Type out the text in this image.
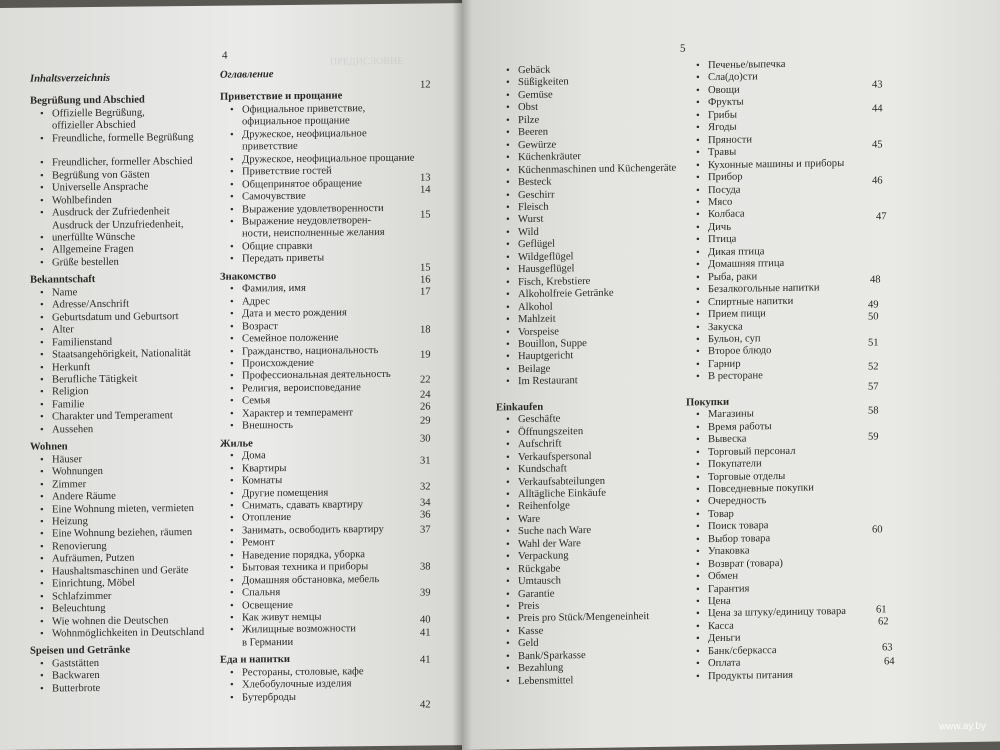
ПРЕДИСЛОВИЕ
4
Inhaltsverzeichnis
Begrüßung und Abschied
• Offizielle Begrüßung,
offizieller Abschied
• Freundliche, formelle Begrüßung
• Freundlicher, formeller Abschied
• Begrüßung von Gästen
• Universelle Ansprache
• Wohlbefinden
• Ausdruck der Zufriedenheit
Ausdruck der Unzufriedenheit,
• unerfüllte Wünsche
• Allgemeine Fragen
• Grüße bestellen
Bekanntschaft
• Name
• Adresse/Anschrift
• Geburtsdatum und Geburtsort
• Alter
• Familienstand
• Staatsangehörigkeit, Nationalität
• Herkunft
• Berufliche Tätigkeit
• Religion
• Familie
• Charakter und Temperament
• Aussehen
Wohnen
• Häuser
• Wohnungen
• Zimmer
• Andere Räume
• Eine Wohnung mieten, vermieten
• Heizung
• Eine Wohnung beziehen, räumen
• Renovierung
• Aufräumen, Putzen
• Haushaltsmaschinen und Geräte
• Einrichtung, Möbel
• Schlafzimmer
• Beleuchtung
• Wie wohnen die Deutschen
• Wohnmöglichkeiten in Deutschland
Speisen und Getränke
• Gaststätten
• Backwaren
• Butterbrote
Оглавление
Приветствие и прощание
• Официальное приветствие,
официальное прощание
• Дружеское, неофициальное
приветствие
• Дружеское, неофициальное прощание
• Приветствие гостей
• Общепринятое обращение
• Самочувствие
• Выражение удовлетворенности
• Выражение неудовлетворен-
ности, неисполненные желания
• Общие справки
• Передать приветы
Знакомство
• Фамилия, имя
• Адрес
• Дата и место рождения
• Возраст
• Семейное положение
• Гражданство, национальность
• Происхождение
• Профессиональная деятельность
• Религия, вероисповедание
• Семья
• Характер и темперамент
• Внешность
Жилье
• Дома
• Квартиры
• Комнаты
• Другие помещения
• Снимать, сдавать квартиру
• Отопление
• Занимать, освободить квартиру
• Ремонт
• Наведение порядка, уборка
• Бытовая техника и приборы
• Домашняя обстановка, мебель
• Спальня
• Освещение
• Как живут немцы
• Жилищные возможности
в Германии
Еда и напитки
• Рестораны, столовые, кафе
• Хлебобулочные изделия
• Бутерброды
12
13
14
15
15
16
17
18
19
22
24
26
29
30
31
32
34
36
37
38
39
40
41
41
42
5
• Gebäck
• Süßigkeiten
• Gemüse
• Obst
• Pilze
• Beeren
• Gewürze
• Küchenkräuter
• Küchenmaschinen und Küchengeräte
• Besteck
• Geschirr
• Fleisch
• Wurst
• Wild
• Geflügel
• Wildgeflügel
• Hausgeflügel
• Fisch, Krebstiere
• Alkoholfreie Getränke
• Alkohol
• Mahlzeit
• Vorspeise
• Bouillon, Suppe
• Hauptgericht
• Beilage
• Im Restaurant
Einkaufen
• Geschäfte
• Öffnungszeiten
• Aufschrift
• Verkaufspersonal
• Kundschaft
• Verkaufsabteilungen
• Alltägliche Einkäufe
• Reihenfolge
• Ware
• Suche nach Ware
• Wahl der Ware
• Verpackung
• Rückgabe
• Umtausch
• Garantie
• Preis
• Preis pro Stück/Mengeneinheit
• Kasse
• Geld
• Bank/Sparkasse
• Bezahlung
• Lebensmittel
• Печенье/выпечка
• Сла(до)сти
• Овощи
• Фрукты
• Грибы
• Ягоды
• Пряности
• Травы
• Кухонные машины и приборы
• Прибор
• Посуда
• Мясо
• Колбаса
• Дичь
• Птица
• Дикая птица
• Домашняя птица
• Рыба, раки
• Безалкогольные напитки
• Спиртные напитки
• Прием пищи
• Закуска
• Бульон, суп
• Второе блюдо
• Гарнир
• В ресторане
Покупки
• Магазины
• Время работы
• Вывеска
• Торговый персонал
• Покупатели
• Торговые отделы
• Повседневные покупки
• Очередность
• Товар
• Поиск товара
• Выбор товара
• Упаковка
• Возврат (товара)
• Обмен
• Гарантия
• Цена
• Цена за штуку/единицу товара
• Касса
• Деньги
• Банк/сберкасса
• Оплата
• Продукты питания
43
44
45
46
47
48
49
50
51
52
57
58
59
60
61
62
63
64
www.ay.by
